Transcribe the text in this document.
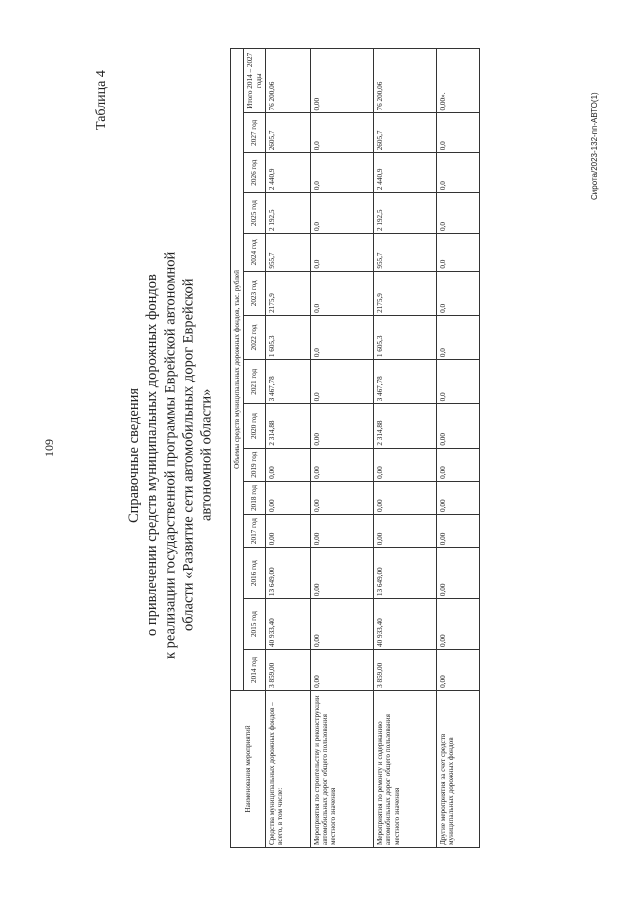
109
Таблица 4
Справочные сведения о привлечении средств муниципальных дорожных фондов к реализации государственной программы Еврейской автономной области «Развитие сети автомобильных дорог Еврейской автономной области»
Сирота/2023-132-пп-АВТО(1)
Наименования мероприятий	Объемы средств муниципальных дорожных фондов, тыс. рублей														
	2014 год	2015 год	2016 год	2017 год	2018 год	2019 год	2020 год	2021 год	2022 год	2023 год	2024 год	2025 год	2026 год	2027 год	Итого 2014 – 2027 годы
Средства муниципальных дорожных фондов – всего, в том числе:	3 859,00	40 933,40	13 649,00	0,00	0,00	0,00	2 314,88	3 467,78	1 605,3	2175,9	955,7	2 192,5	2 440,9	2605,7	76 200,06
Мероприятия по строительству и реконструкции автомобильных дорог общего пользования местного значения	0,00	0,00	0,00	0,00	0,00	0,00	0,00	0,0	0,0	0,0	0,0	0,0	0,0	0,0	0,00
Мероприятия по ремонту и содержанию автомобильных дорог общего пользования местного значения	3 859,00	40 933,40	13 649,00	0,00	0,00	0,00	2 314,88	3 467,78	1 605,3	2175,9	955,7	2 192,5	2 440,9	2605,7	76 200,06
Другие мероприятия за счет средств муниципальных дорожных фондов	0,00	0,00	0,00	0,00	0,00	0,00	0,00	0,0	0,0	0,0	0,0	0,0	0,0	0,0	0,00».
